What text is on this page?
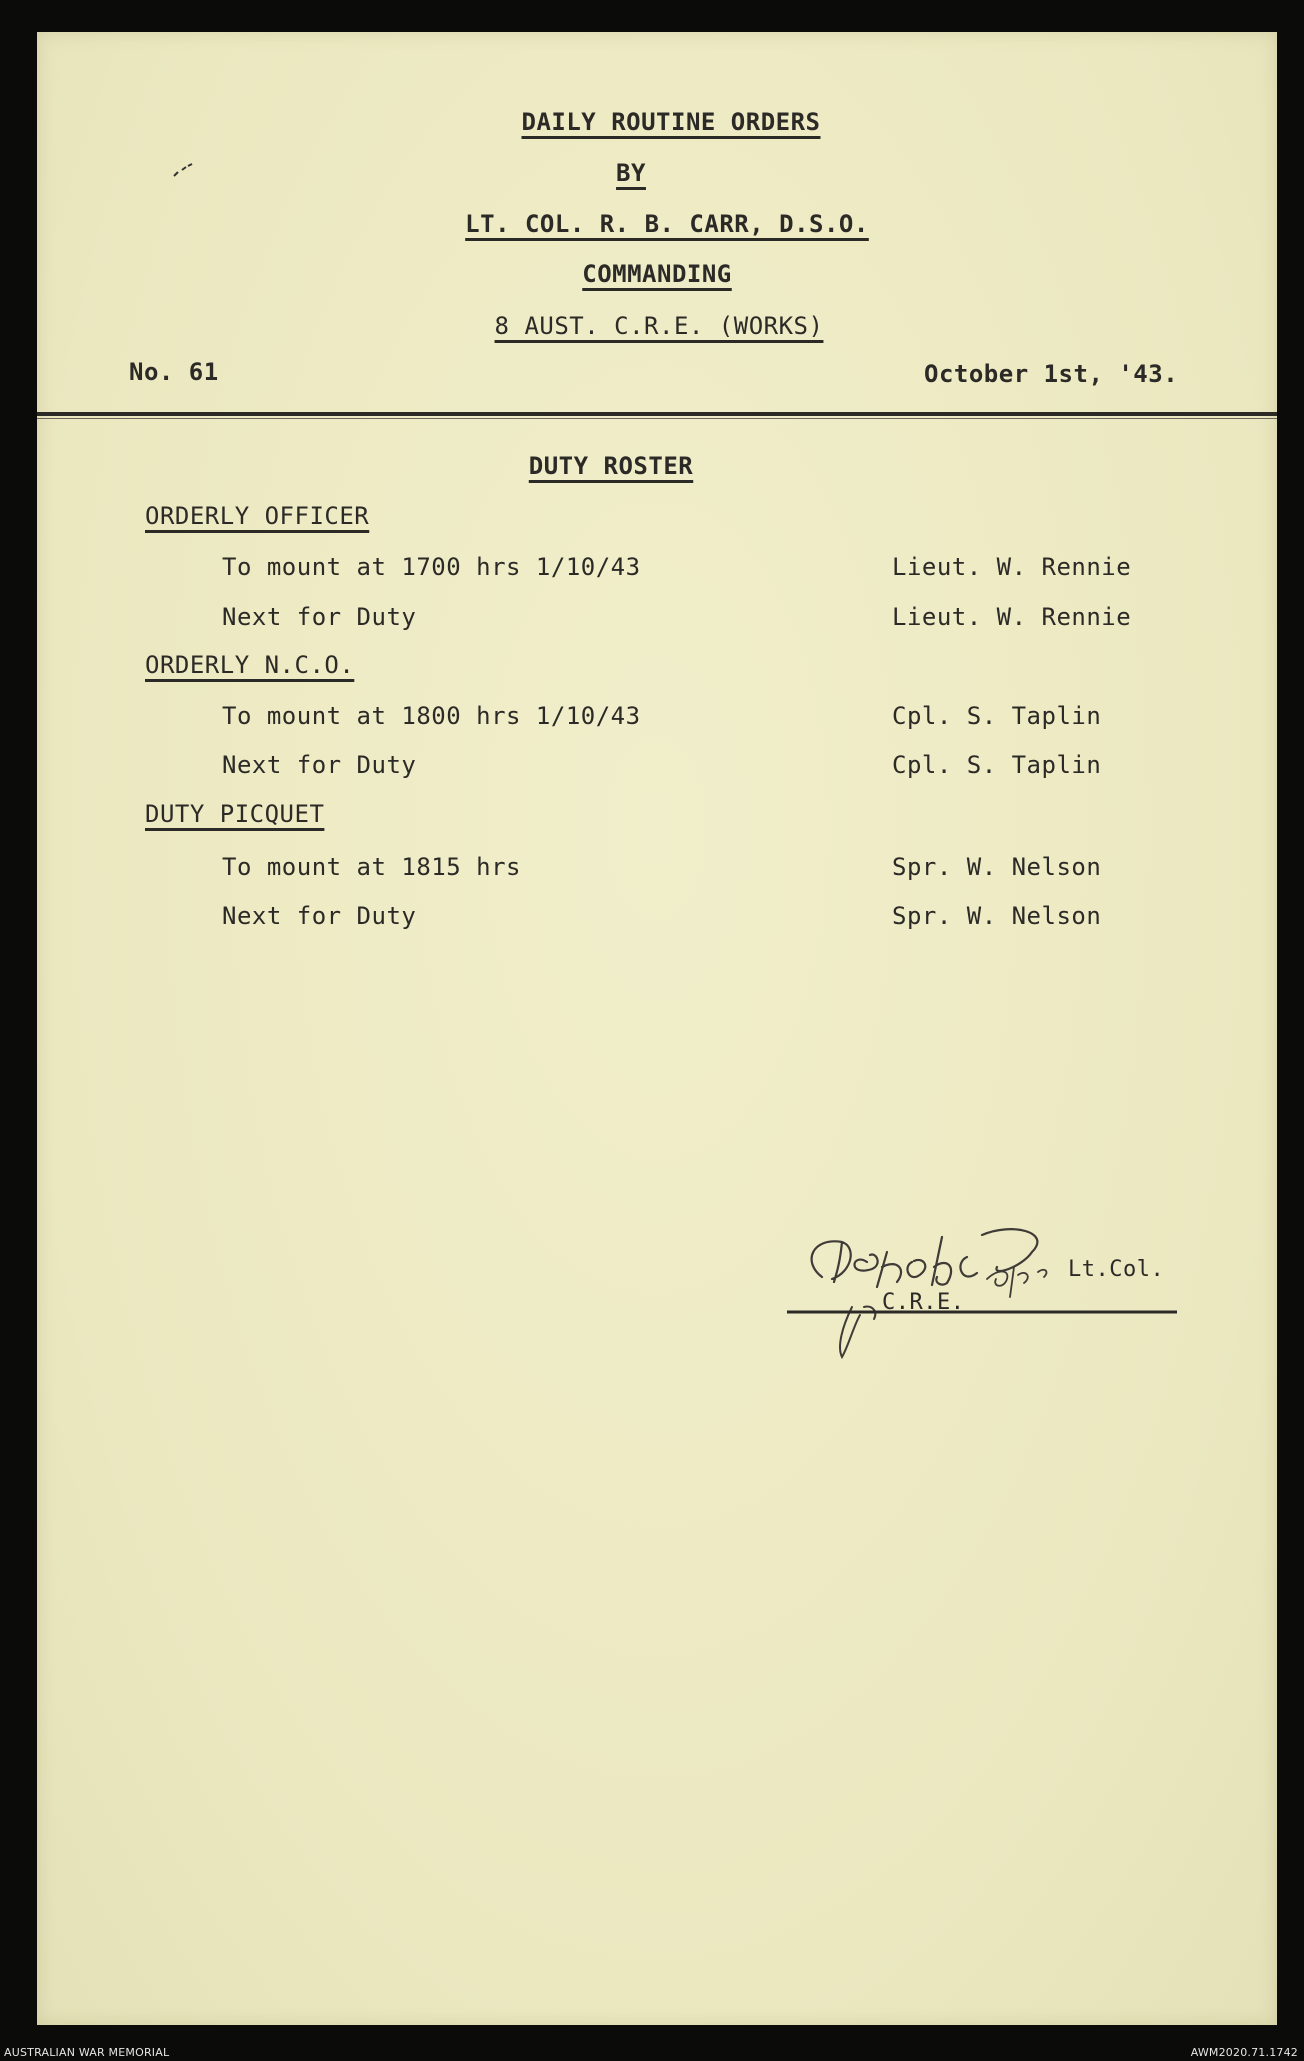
DAILY ROUTINE ORDERS
BY
LT. COL. R. B. CARR, D.S.O.
COMMANDING
8 AUST. C.R.E. (WORKS)
No. 61	October 1st, '43.
DUTY ROSTER
ORDERLY OFFICER
To mount at 1700 hrs 1/10/43	Lieut. W. Rennie
Next for Duty	Lieut. W. Rennie
ORDERLY N.C.O.
To mount at 1800 hrs 1/10/43	Cpl. S. Taplin
Next for Duty	Cpl. S. Taplin
DUTY PICQUET
To mount at 1815 hrs	Spr. W. Nelson
Next for Duty	Spr. W. Nelson
Lt.Col.
C.R.E.
AUSTRALIAN WAR MEMORIAL	AWM2020.71.1742
